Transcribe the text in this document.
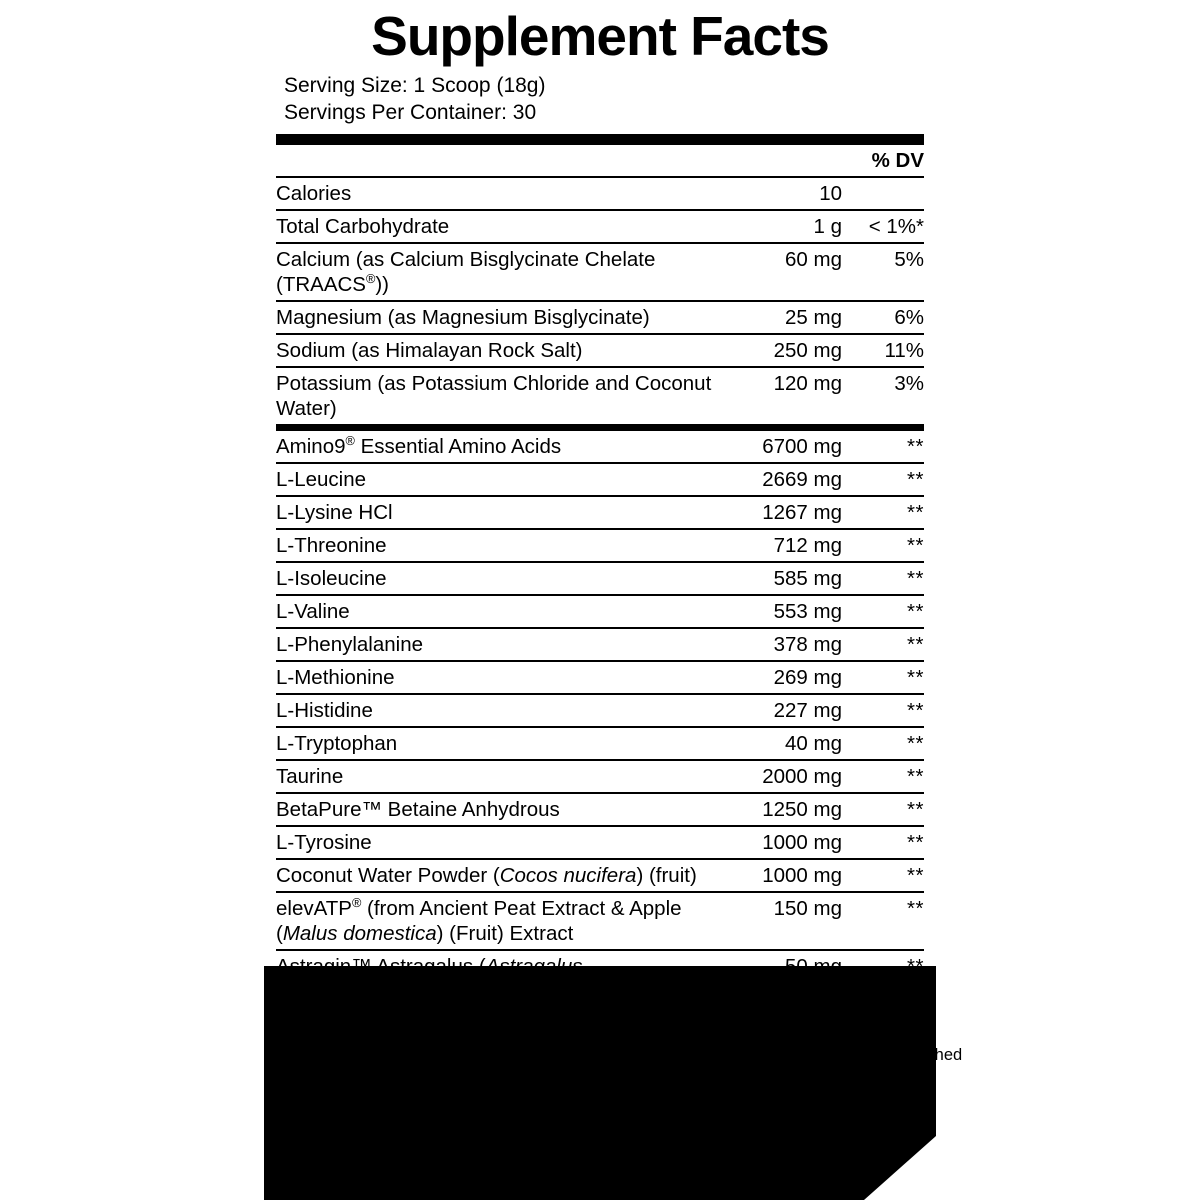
Supplement Facts
Serving Size: 1 Scoop (18g)
Servings Per Container: 30
		% DV
Calories	10	
Total Carbohydrate	1 g	< 1%*
Calcium (as Calcium Bisglycinate Chelate (TRAACS®))	60 mg	5%
Magnesium (as Magnesium Bisglycinate)	25 mg	6%
Sodium (as Himalayan Rock Salt)	250 mg	11%
Potassium (as Potassium Chloride and Coconut Water)	120 mg	3%
Amino9® Essential Amino Acids	6700 mg	**
L-Leucine	2669 mg	**
L-Lysine HCl	1267 mg	**
L-Threonine	712 mg	**
L-Isoleucine	585 mg	**
L-Valine	553 mg	**
L-Phenylalanine	378 mg	**
L-Methionine	269 mg	**
L-Histidine	227 mg	**
L-Tryptophan	40 mg	**
Taurine	2000 mg	**
BetaPure™ Betaine Anhydrous	1250 mg	**
L-Tyrosine	1000 mg	**
Coconut Water Powder (Cocos nucifera) (fruit)	1000 mg	**
elevATP® (from Ancient Peat Extract & Apple (Malus domestica) (Fruit) Extract	150 mg	**
Astragin™ Astragalus (Astragalus membranaceus) (Root) Extract & Tienchi ginseng (Panax notoginseng) (Root) Extract	50 mg	**
* Percent Daily Values are based on a 2000 calorie diet ** Daily Value (DV) not established
